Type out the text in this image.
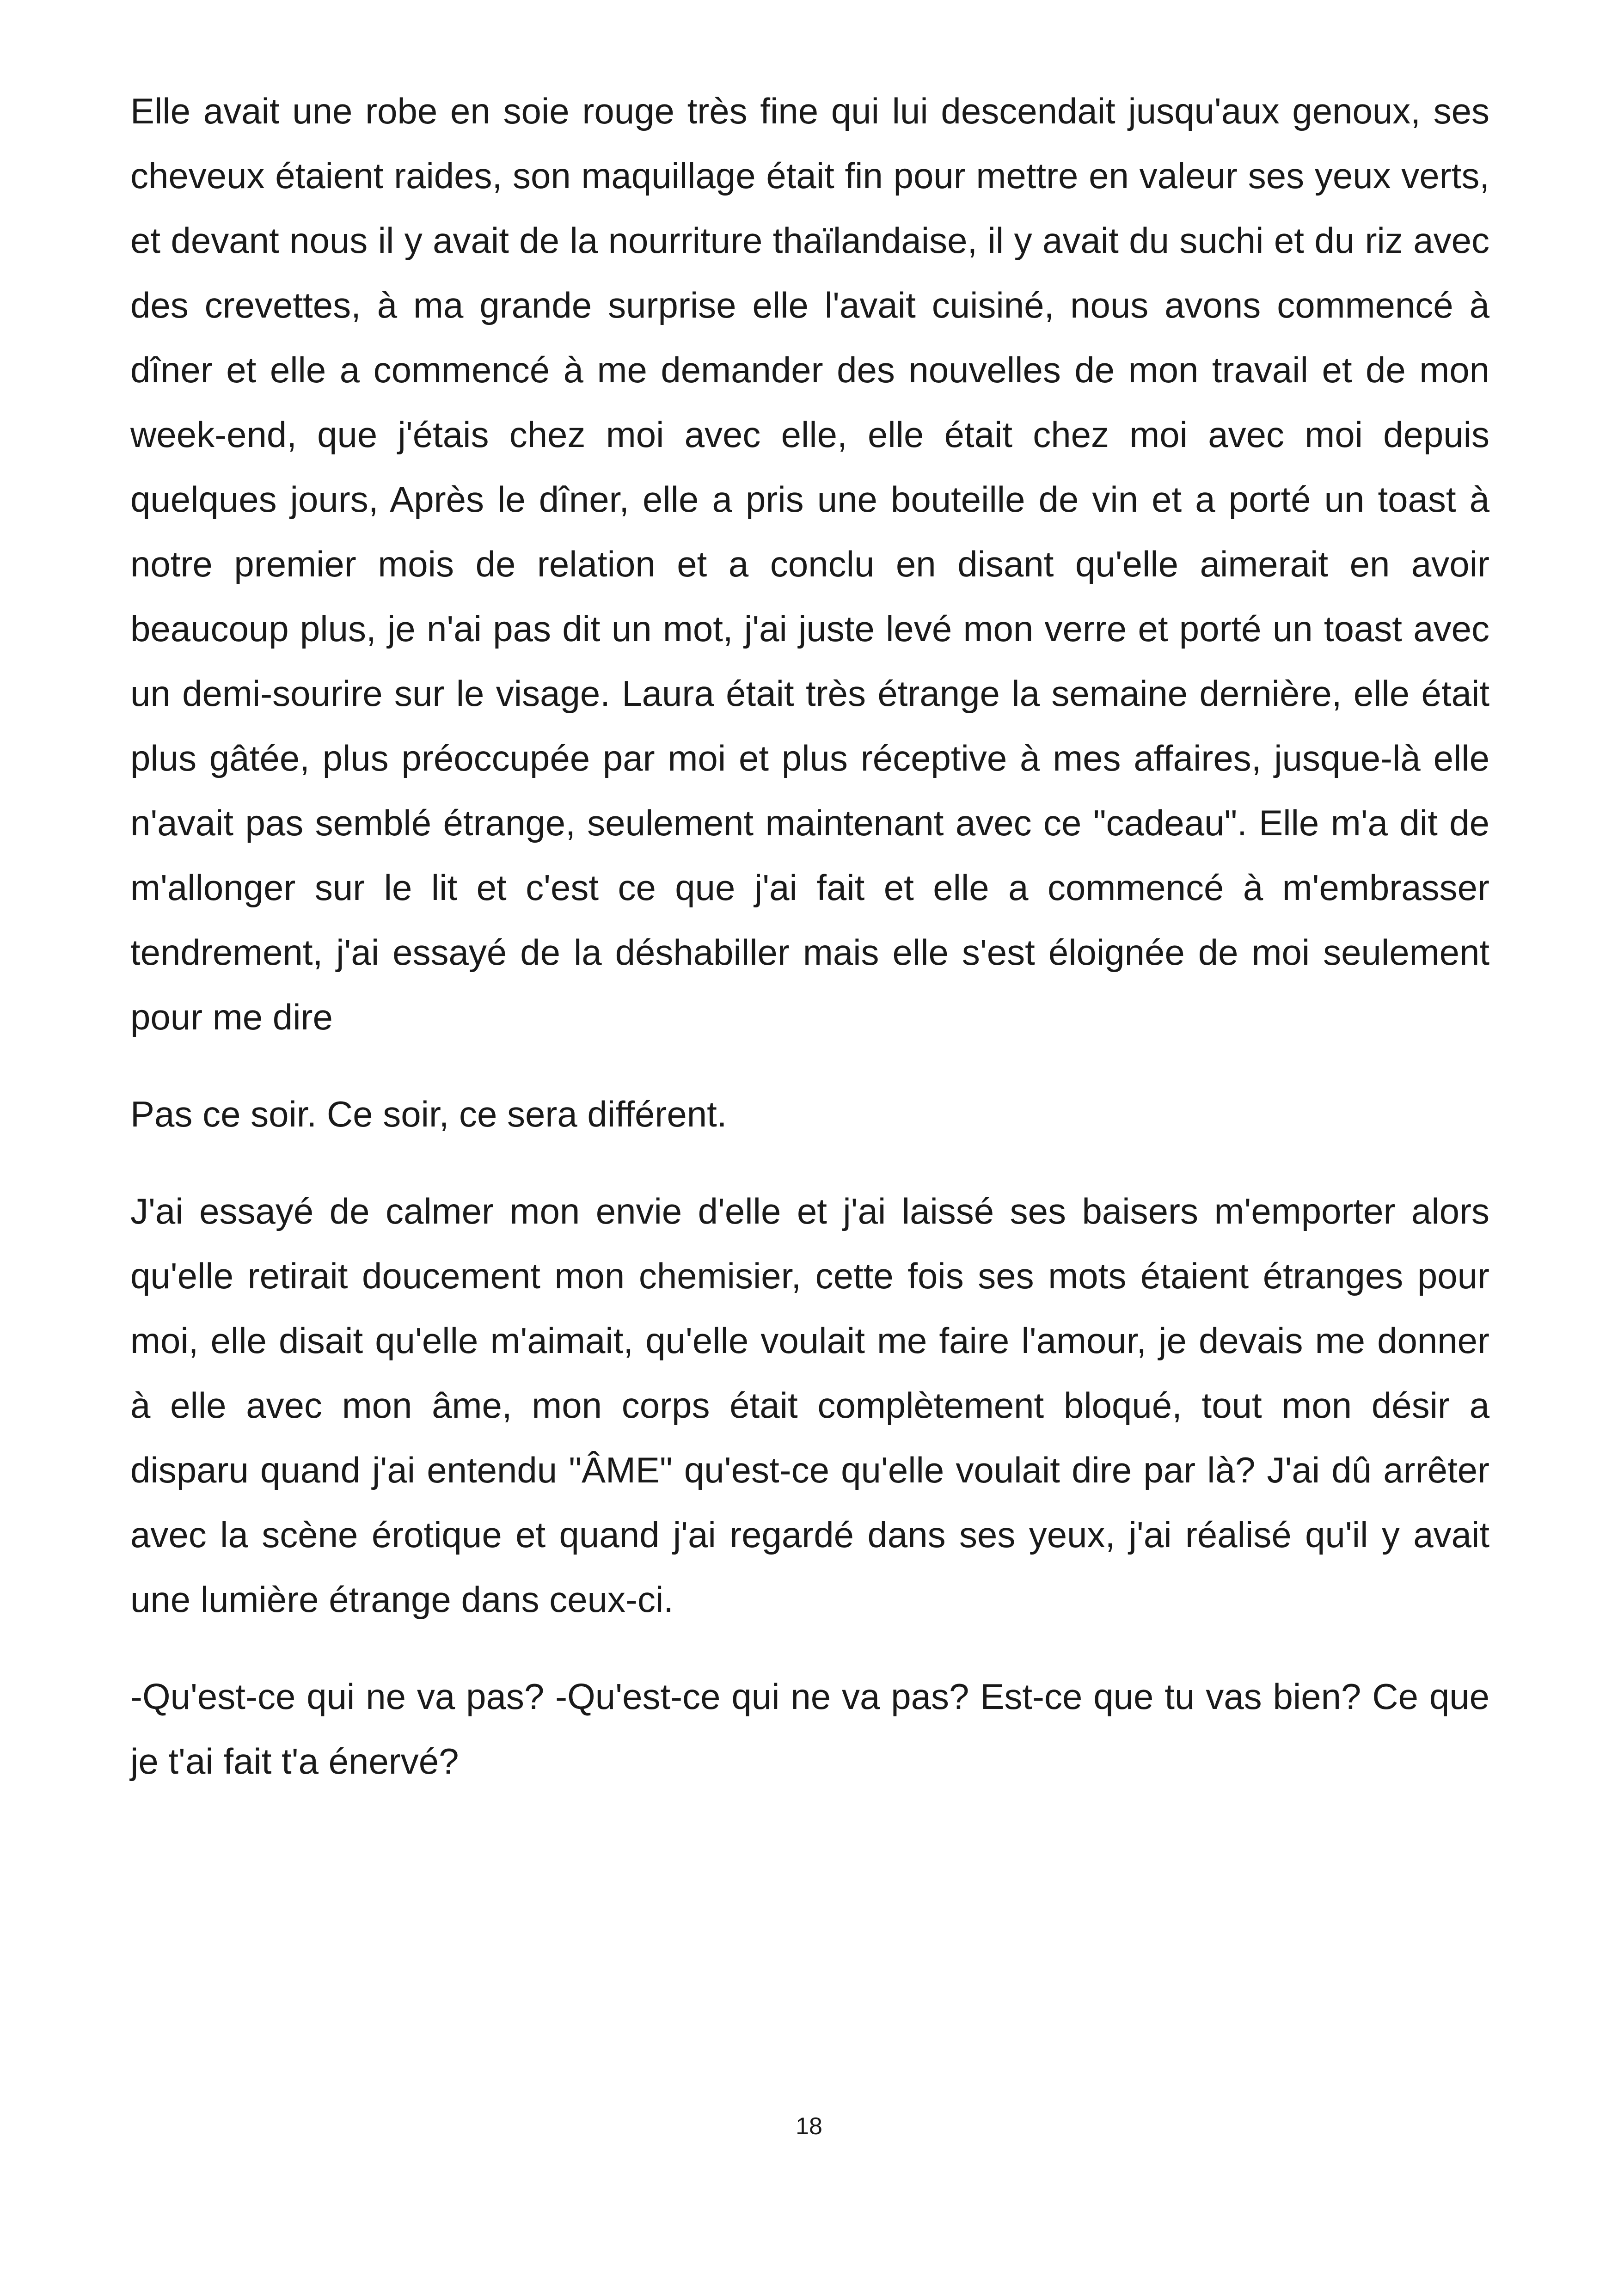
Elle avait une robe en soie rouge très fine qui lui descendait jusqu'aux genoux, ses cheveux étaient raides, son maquillage était fin pour mettre en valeur ses yeux verts, et devant nous il y avait de la nourriture thaïlandaise, il y avait du suchi et du riz avec des crevettes, à ma grande surprise elle l'avait cuisiné, nous avons commencé à dîner et elle a commencé à me demander des nouvelles de mon travail et de mon week-end, que j'étais chez moi avec elle, elle était chez moi avec moi depuis quelques jours, Après le dîner, elle a pris une bouteille de vin et a porté un toast à notre premier mois de relation et a conclu en disant qu'elle aimerait en avoir beaucoup plus, je n'ai pas dit un mot, j'ai juste levé mon verre et porté un toast avec un demi-sourire sur le visage. Laura était très étrange la semaine dernière, elle était plus gâtée, plus préoccupée par moi et plus réceptive à mes affaires, jusque-là elle n'avait pas semblé étrange, seulement maintenant avec ce "cadeau". Elle m'a dit de m'allonger sur le lit et c'est ce que j'ai fait et elle a commencé à m'embrasser tendrement, j'ai essayé de la déshabiller mais elle s'est éloignée de moi seulement pour me dire

Pas ce soir. Ce soir, ce sera différent.

J'ai essayé de calmer mon envie d'elle et j'ai laissé ses baisers m'emporter alors qu'elle retirait doucement mon chemisier, cette fois ses mots étaient étranges pour moi, elle disait qu'elle m'aimait, qu'elle voulait me faire l'amour, je devais me donner à elle avec mon âme, mon corps était complètement bloqué, tout mon désir a disparu quand j'ai entendu "ÂME" qu'est-ce qu'elle voulait dire par là? J'ai dû arrêter avec la scène érotique et quand j'ai regardé dans ses yeux, j'ai réalisé qu'il y avait une lumière étrange dans ceux-ci.

-Qu'est-ce qui ne va pas? -Qu'est-ce qui ne va pas? Est-ce que tu vas bien? Ce que je t'ai fait t'a énervé?

18
